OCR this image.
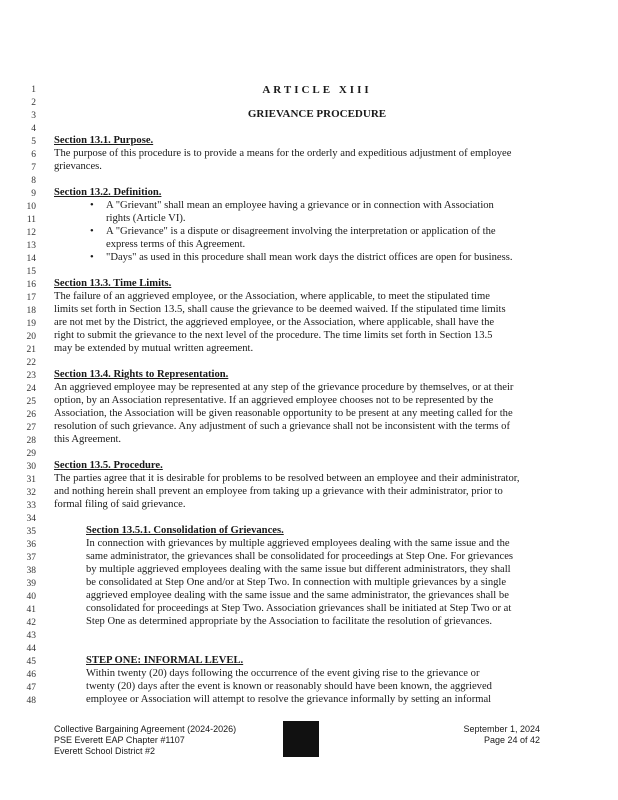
1
2
3
4
5
6
7
8
9
10
11
12
13
14
15
16
17
18
19
20
21
22
23
24
25
26
27
28
29
30
31
32
33
34
35
36
37
38
39
40
41
42
43
44
45
46
47
48
ARTICLE XIII
GRIEVANCE PROCEDURE
Section 13.1. Purpose.
The purpose of this procedure is to provide a means for the orderly and expeditious adjustment of employee
grievances.
Section 13.2. Definition.
• A "Grievant" shall mean an employee having a grievance or in connection with Association
rights (Article VI).
• A "Grievance" is a dispute or disagreement involving the interpretation or application of the
express terms of this Agreement.
• "Days" as used in this procedure shall mean work days the district offices are open for business.
Section 13.3. Time Limits.
The failure of an aggrieved employee, or the Association, where applicable, to meet the stipulated time
limits set forth in Section 13.5, shall cause the grievance to be deemed waived. If the stipulated time limits
are not met by the District, the aggrieved employee, or the Association, where applicable, shall have the
right to submit the grievance to the next level of the procedure. The time limits set forth in Section 13.5
may be extended by mutual written agreement.
Section 13.4. Rights to Representation.
An aggrieved employee may be represented at any step of the grievance procedure by themselves, or at their
option, by an Association representative. If an aggrieved employee chooses not to be represented by the
Association, the Association will be given reasonable opportunity to be present at any meeting called for the
resolution of such grievance. Any adjustment of such a grievance shall not be inconsistent with the terms of
this Agreement.
Section 13.5. Procedure.
The parties agree that it is desirable for problems to be resolved between an employee and their administrator,
and nothing herein shall prevent an employee from taking up a grievance with their administrator, prior to
formal filing of said grievance.
Section 13.5.1. Consolidation of Grievances.
In connection with grievances by multiple aggrieved employees dealing with the same issue and the
same administrator, the grievances shall be consolidated for proceedings at Step One. For grievances
by multiple aggrieved employees dealing with the same issue but different administrators, they shall
be consolidated at Step One and/or at Step Two. In connection with multiple grievances by a single
aggrieved employee dealing with the same issue and the same administrator, the grievances shall be
consolidated for proceedings at Step Two. Association grievances shall be initiated at Step Two or at
Step One as determined appropriate by the Association to facilitate the resolution of grievances.
STEP ONE: INFORMAL LEVEL.
Within twenty (20) days following the occurrence of the event giving rise to the grievance or
twenty (20) days after the event is known or reasonably should have been known, the aggrieved
employee or Association will attempt to resolve the grievance informally by setting an informal
Collective Bargaining Agreement (2024-2026)
PSE Everett EAP Chapter #1107
Everett School District #2
September 1, 2024
Page 24 of 42
